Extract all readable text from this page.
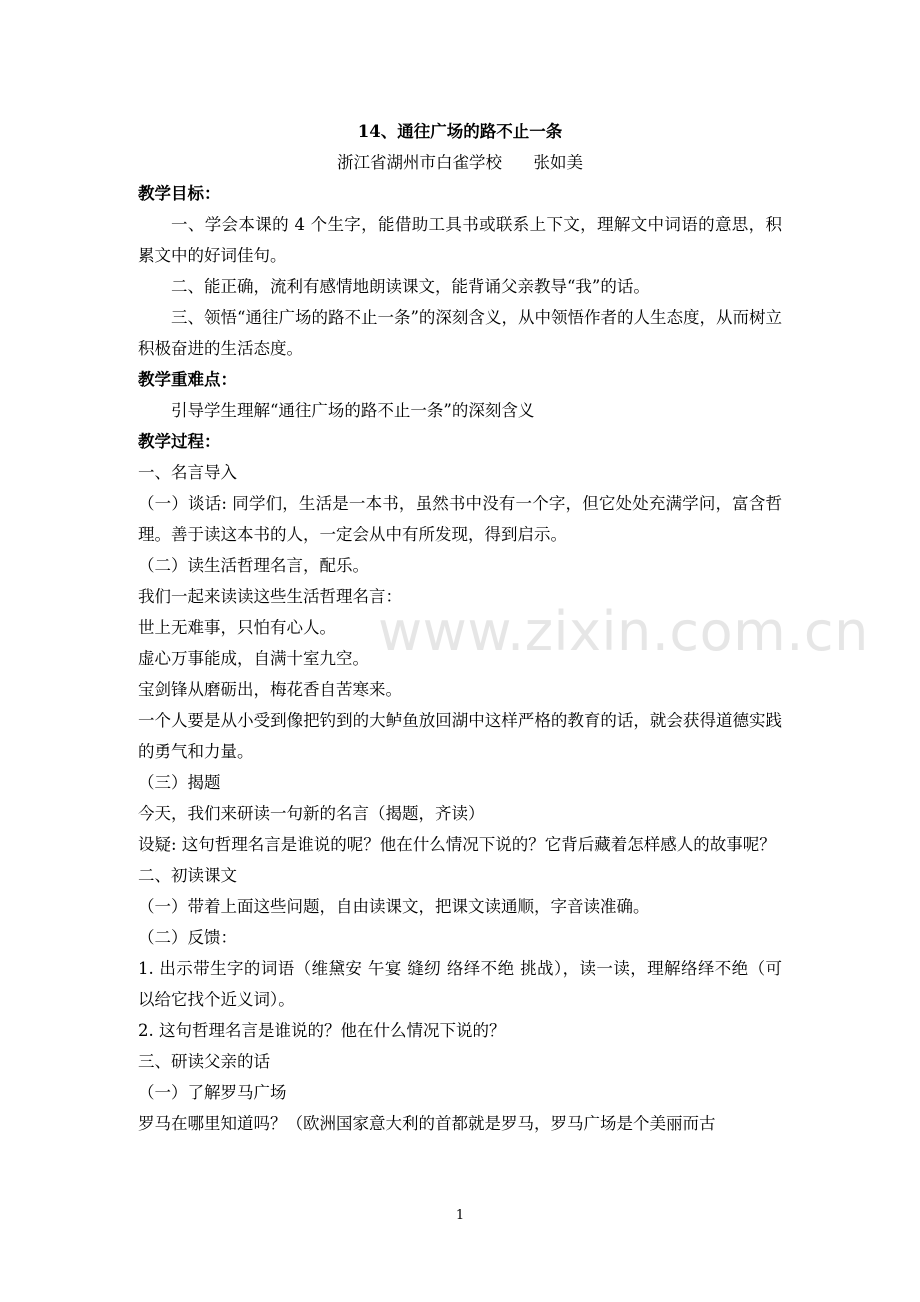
14、通往广场的路不止一条
浙江省湖州市白雀学校      张如美
教学目标：
一、学会本课的 4 个生字，能借助工具书或联系上下文，理解文中词语的意思，积累文中的好词佳句。
二、能正确，流利有感情地朗读课文，能背诵父亲教导“我”的话。
三、领悟“通往广场的路不止一条”的深刻含义，从中领悟作者的人生态度，从而树立积极奋进的生活态度。
教学重难点：
引导学生理解“通往广场的路不止一条”的深刻含义
教学过程：
一、名言导入
（一）谈话: 同学们，生活是一本书，虽然书中没有一个字，但它处处充满学问，富含哲理。善于读这本书的人，一定会从中有所发现，得到启示。
（二）读生活哲理名言，配乐。
我们一起来读读这些生活哲理名言：
世上无难事，只怕有心人。
虚心万事能成，自满十室九空。
宝剑锋从磨砺出，梅花香自苦寒来。
一个人要是从小受到像把钓到的大鲈鱼放回湖中这样严格的教育的话，就会获得道德实践的勇气和力量。
（三）揭题
今天，我们来研读一句新的名言（揭题，齐读）
设疑: 这句哲理名言是谁说的呢？他在什么情况下说的？它背后藏着怎样感人的故事呢？
二、初读课文
（一）带着上面这些问题，自由读课文，把课文读通顺，字音读准确。
（二）反馈：
1. 出示带生字的词语（维黛安 午宴 缝纫 络绎不绝 挑战），读一读，理解络绎不绝（可以给它找个近义词）。
2. 这句哲理名言是谁说的？他在什么情况下说的？
三、研读父亲的话
（一）了解罗马广场
罗马在哪里知道吗？（欧洲国家意大利的首都就是罗马，罗马广场是个美丽而古
www.zixin.com.cn
1
